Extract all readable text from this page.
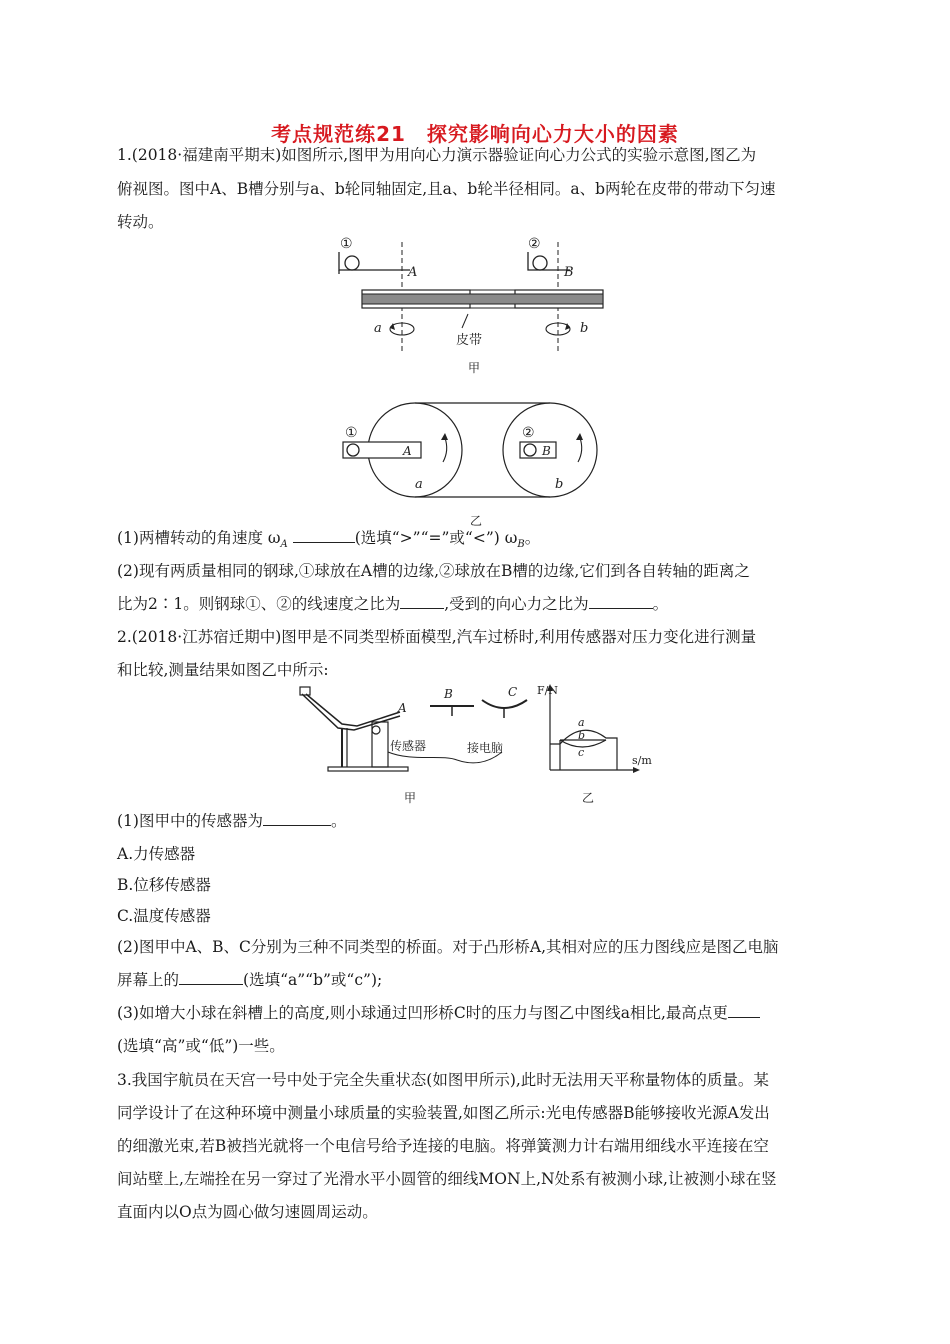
考点规范练21　探究影响向心力大小的因素
1.(2018·福建南平期末)如图所示,图甲为用向心力演示器验证向心力公式的实验示意图,图乙为
俯视图。图中A、B槽分别与a、b轮同轴固定,且a、b轮半径相同。a、b两轮在皮带的带动下匀速
转动。
①	②
A	B
a	b
皮带
甲
①	②
A	B
a	b
乙
(1)两槽转动的角速度 $\omega_A$	(选填“>”“=”或“<”) $\omega_B$。
(2)现有两质量相同的钢球,①球放在A槽的边缘,②球放在B槽的边缘,它们到各自转轴的距离之
比为2∶1。则钢球①、②的线速度之比为	,受到的向心力之比为	。
2.(2018·江苏宿迁期中)图甲是不同类型桥面模型,汽车过桥时,利用传感器对压力变化进行测量
和比较,测量结果如图乙中所示:
A
B	C
传感器	接电脑
F/N
s/m
a
b
c
甲	乙
(1)图甲中的传感器为	。
A.力传感器
B.位移传感器
C.温度传感器
(2)图甲中A、B、C分别为三种不同类型的桥面。对于凸形桥A,其相对应的压力图线应是图乙电脑
屏幕上的	(选填“a”“b”或“c”);
(3)如增大小球在斜槽上的高度,则小球通过凹形桥C时的压力与图乙中图线a相比,最高点更
(选填“高”或“低”)一些。
3.我国宇航员在天宫一号中处于完全失重状态(如图甲所示),此时无法用天平称量物体的质量。某
同学设计了在这种环境中测量小球质量的实验装置,如图乙所示:光电传感器B能够接收光源A发出
的细激光束,若B被挡光就将一个电信号给予连接的电脑。将弹簧测力计右端用细线水平连接在空
间站壁上,左端拴在另一穿过了光滑水平小圆管的细线MON上,N处系有被测小球,让被测小球在竖
直面内以O点为圆心做匀速圆周运动。
